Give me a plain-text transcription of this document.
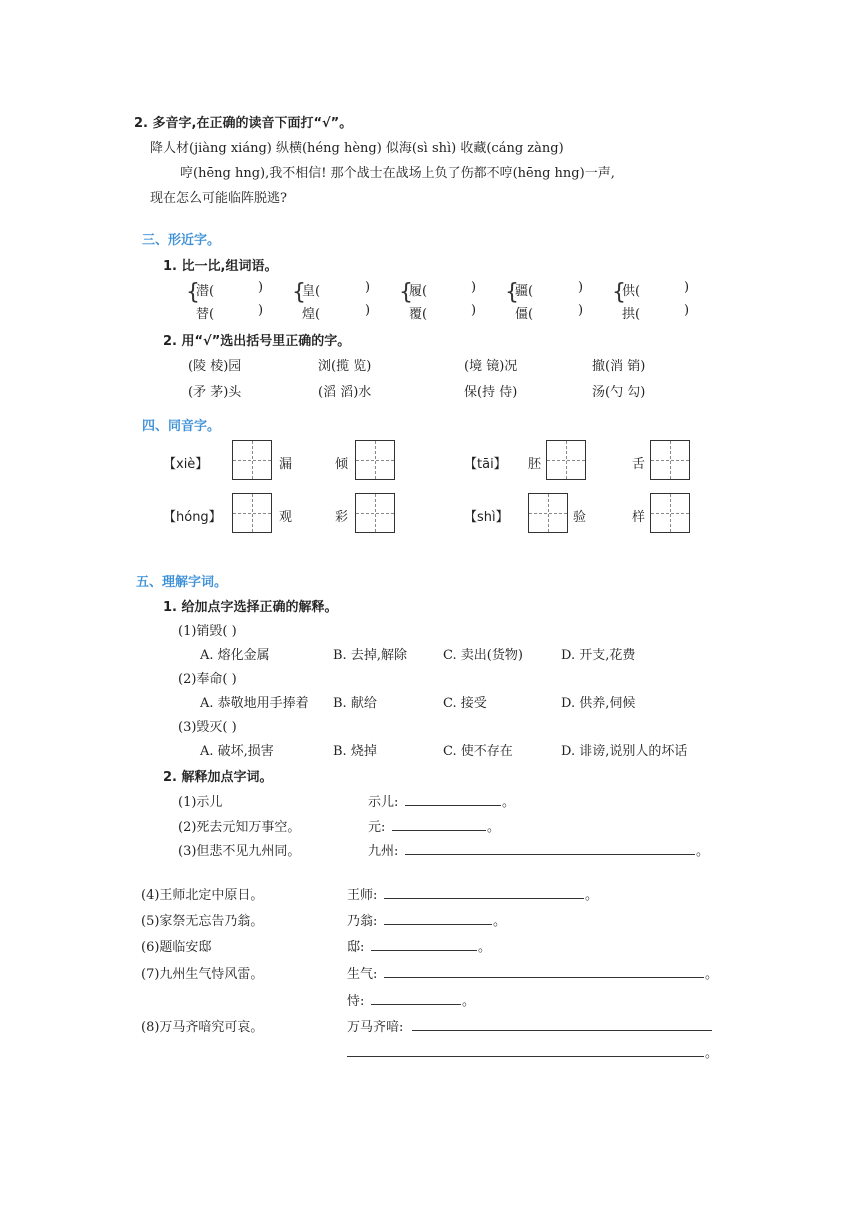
2. 多音字,在正确的读音下面打“√”。
降人材(jiàng xiáng) 纵横(héng hèng) 似海(sì shì) 收藏(cáng zàng)
哼(hēng hng),我不相信! 那个战士在战场上负了伤都不哼(hēng hng)一声,
现在怎么可能临阵脱逃?
三、形近字。
1. 比一比,组词语。
{
潜(	)
替(	)
{
皇(	)
煌(	)
{
履(	)
覆(	)
{
疆(	)
僵(	)
{
供(	)
拱(	)
2. 用“√”选出括号里正确的字。
(陵 棱)园	浏(揽 览)	(境 镜)况	撤(消 销)
(矛 茅)头	(滔 滔)水	保(持 侍)	汤(勺 勾)
四、同音字。
【xiè】	漏	倾	【tāi】 胚	舌
【hóng】	观	彩	【shì】	验	样
五、理解字词。
1. 给加点字选择正确的解释。
(1)销毁( )
A. 熔化金属	B. 去掉,解除	C. 卖出(货物)	D. 开支,花费
(2)奉命( )
A. 恭敬地用手捧着 B. 献给	C. 接受	D. 供养,伺候
(3)毁灭( )
A. 破坏,损害	B. 烧掉	C. 使不存在	D. 诽谤,说别人的坏话
2. 解释加点字词。
(1)示儿	示儿:	。
(2)死去元知万事空。	元:	。
(3)但悲不见九州同。	九州:	。
(4)王师北定中原日。	王师:	。
(5)家祭无忘告乃翁。	乃翁:	。
(6)题临安邸	邸:	。
(7)九州生气恃风雷。	生气:	。
恃:	。
(8)万马齐喑究可哀。	万马齐喑:
。
